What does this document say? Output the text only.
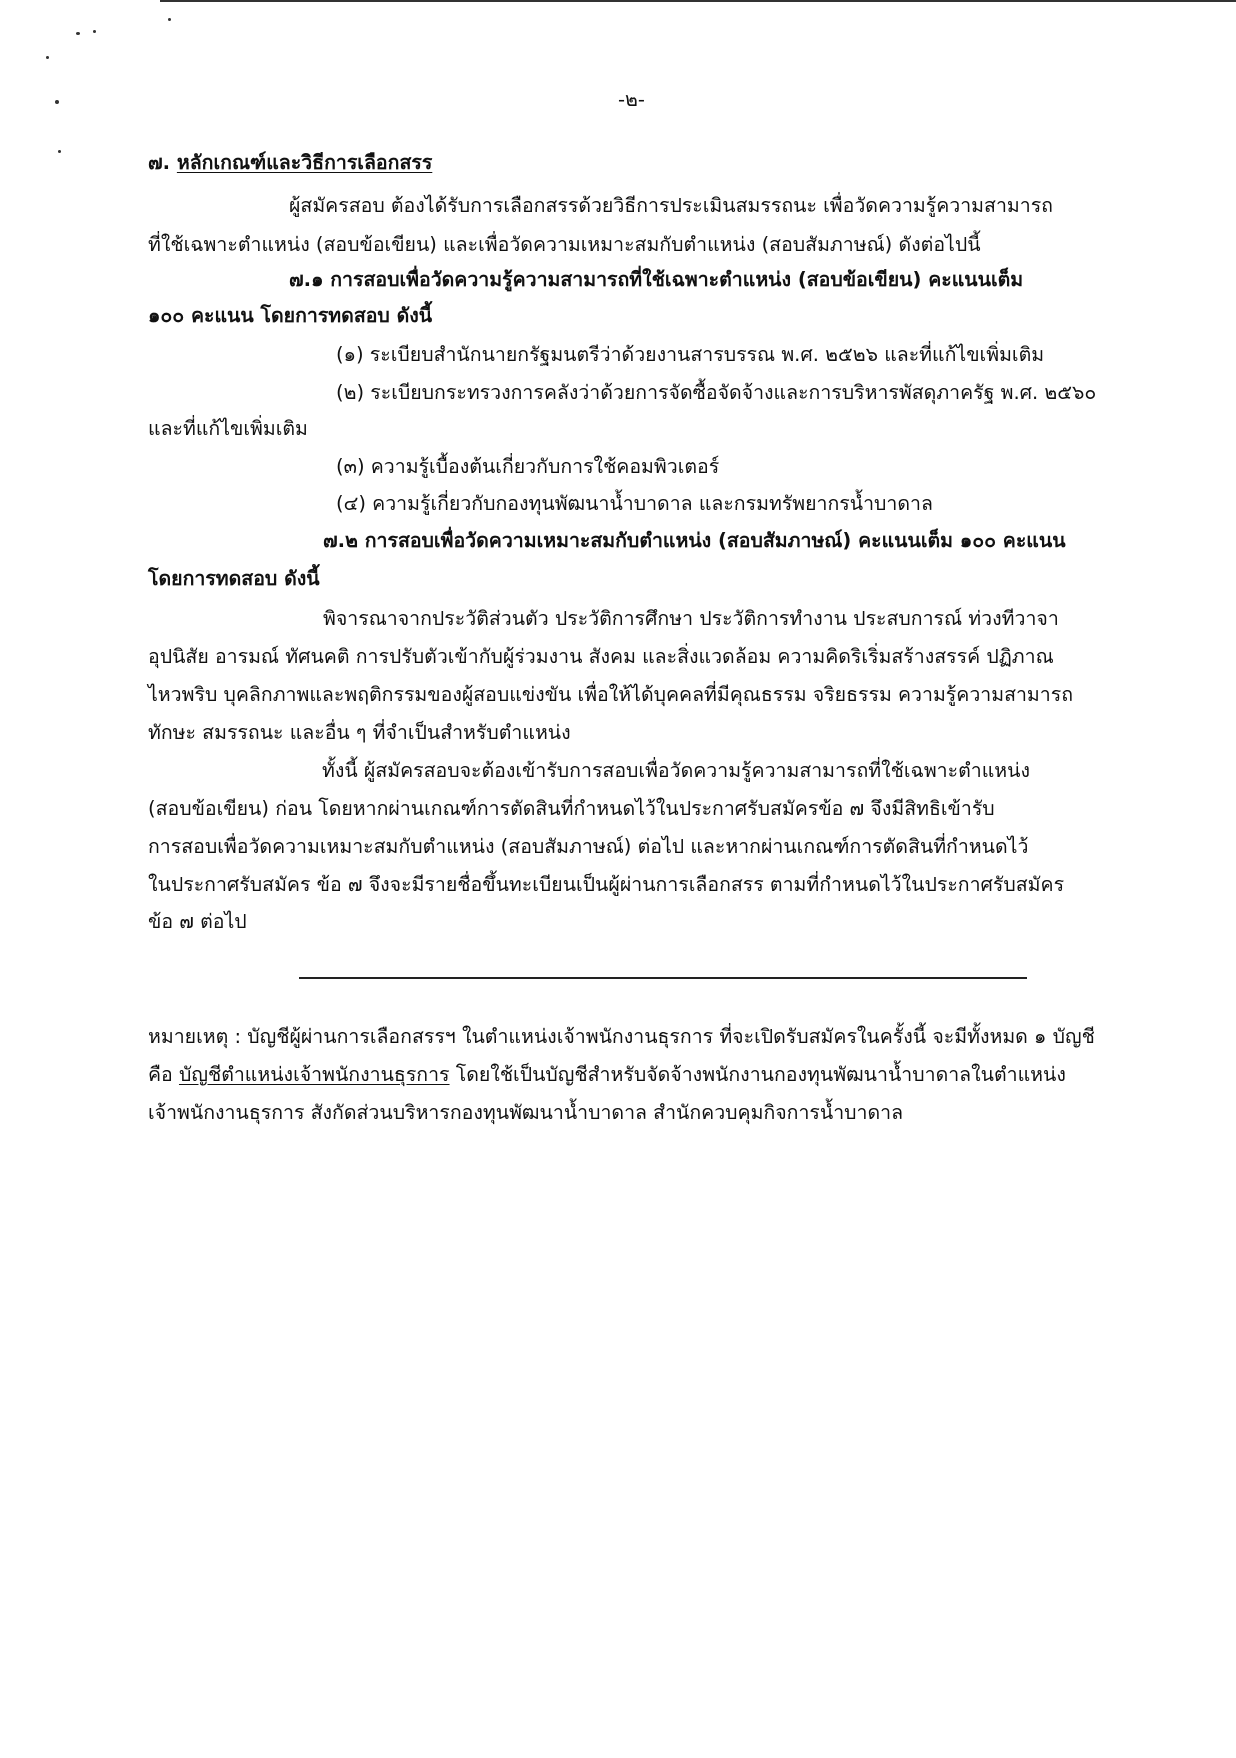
-๒-
๗. หลักเกณฑ์และวิธีการเลือกสรร
ผู้สมัครสอบ ต้องได้รับการเลือกสรรด้วยวิธีการประเมินสมรรถนะ เพื่อวัดความรู้ความสามารถ
ที่ใช้เฉพาะตำแหน่ง (สอบข้อเขียน) และเพื่อวัดความเหมาะสมกับตำแหน่ง (สอบสัมภาษณ์) ดังต่อไปนี้
๗.๑ การสอบเพื่อวัดความรู้ความสามารถที่ใช้เฉพาะตำแหน่ง (สอบข้อเขียน) คะแนนเต็ม
๑๐๐ คะแนน โดยการทดสอบ ดังนี้
(๑) ระเบียบสำนักนายกรัฐมนตรีว่าด้วยงานสารบรรณ พ.ศ. ๒๕๒๖ และที่แก้ไขเพิ่มเติม
(๒) ระเบียบกระทรวงการคลังว่าด้วยการจัดซื้อจัดจ้างและการบริหารพัสดุภาครัฐ พ.ศ. ๒๕๖๐
และที่แก้ไขเพิ่มเติม
(๓) ความรู้เบื้องต้นเกี่ยวกับการใช้คอมพิวเตอร์
(๔) ความรู้เกี่ยวกับกองทุนพัฒนาน้ำบาดาล และกรมทรัพยากรน้ำบาดาล
๗.๒ การสอบเพื่อวัดความเหมาะสมกับตำแหน่ง (สอบสัมภาษณ์) คะแนนเต็ม ๑๐๐ คะแนน
โดยการทดสอบ ดังนี้
พิจารณาจากประวัติส่วนตัว ประวัติการศึกษา ประวัติการทำงาน ประสบการณ์ ท่วงทีวาจา
อุปนิสัย อารมณ์ ทัศนคติ การปรับตัวเข้ากับผู้ร่วมงาน สังคม และสิ่งแวดล้อม ความคิดริเริ่มสร้างสรรค์ ปฏิภาณ
ไหวพริบ บุคลิกภาพและพฤติกรรมของผู้สอบแข่งขัน เพื่อให้ได้บุคคลที่มีคุณธรรม จริยธรรม ความรู้ความสามารถ
ทักษะ สมรรถนะ และอื่น ๆ ที่จำเป็นสำหรับตำแหน่ง
ทั้งนี้ ผู้สมัครสอบจะต้องเข้ารับการสอบเพื่อวัดความรู้ความสามารถที่ใช้เฉพาะตำแหน่ง
(สอบข้อเขียน) ก่อน โดยหากผ่านเกณฑ์การตัดสินที่กำหนดไว้ในประกาศรับสมัครข้อ ๗ จึงมีสิทธิเข้ารับ
การสอบเพื่อวัดความเหมาะสมกับตำแหน่ง (สอบสัมภาษณ์) ต่อไป และหากผ่านเกณฑ์การตัดสินที่กำหนดไว้
ในประกาศรับสมัคร ข้อ ๗ จึงจะมีรายชื่อขึ้นทะเบียนเป็นผู้ผ่านการเลือกสรร ตามที่กำหนดไว้ในประกาศรับสมัคร
ข้อ ๗ ต่อไป
หมายเหตุ : บัญชีผู้ผ่านการเลือกสรรฯ ในตำแหน่งเจ้าพนักงานธุรการ ที่จะเปิดรับสมัครในครั้งนี้ จะมีทั้งหมด ๑ บัญชี
คือ บัญชีตำแหน่งเจ้าพนักงานธุรการ โดยใช้เป็นบัญชีสำหรับจัดจ้างพนักงานกองทุนพัฒนาน้ำบาดาลในตำแหน่ง
เจ้าพนักงานธุรการ สังกัดส่วนบริหารกองทุนพัฒนาน้ำบาดาล สำนักควบคุมกิจการน้ำบาดาล
